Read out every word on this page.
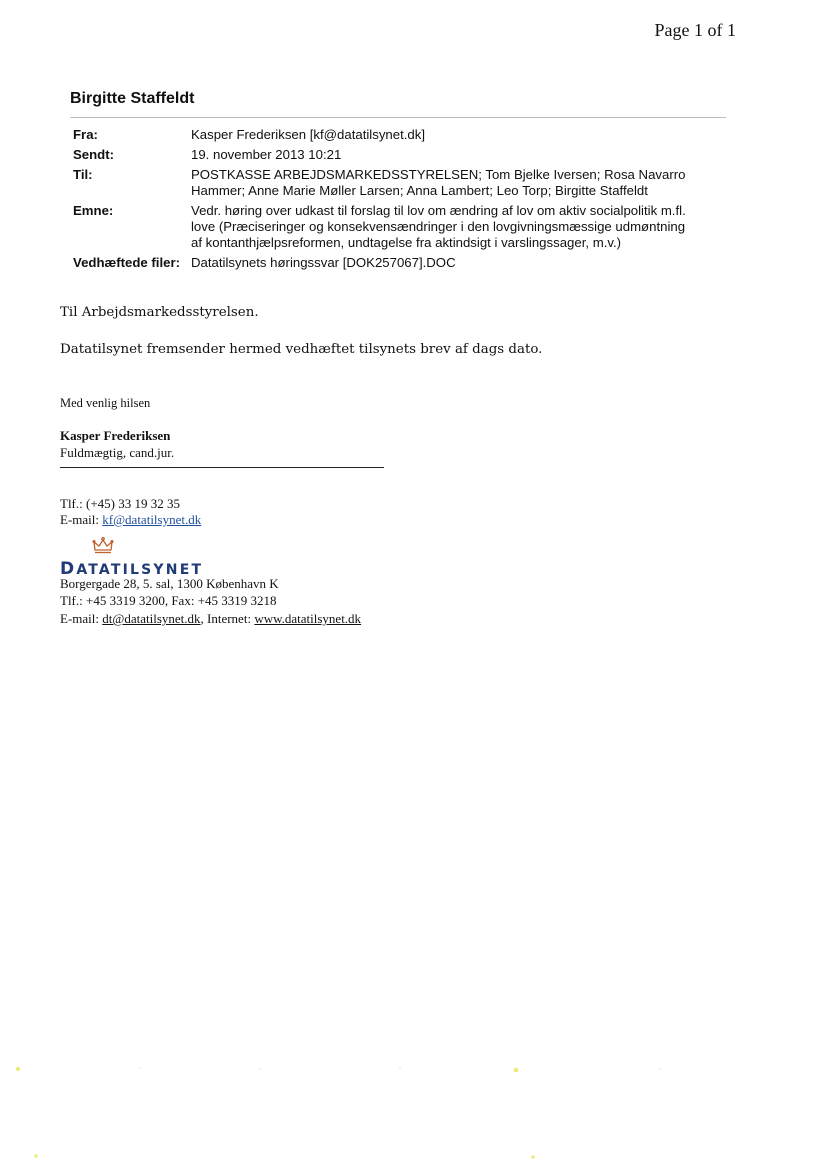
Page 1 of 1
Birgitte Staffeldt
Fra:	Kasper Frederiksen [kf@datatilsynet.dk]
Sendt:	19. november 2013 10:21
Til:	POSTKASSE ARBEJDSMARKEDSSTYRELSEN; Tom Bjelke Iversen; Rosa Navarro
Hammer; Anne Marie Møller Larsen; Anna Lambert; Leo Torp; Birgitte Staffeldt

Emne:	Vedr. høring over udkast til forslag til lov om ændring af lov om aktiv socialpolitik m.fl.
love (Præciseringer og konsekvensændringer i den lovgivningsmæssige udmøntning
af kontanthjælpsreformen, undtagelse fra aktindsigt i varslingssager, m.v.)

Vedhæftede filer:	Datatilsynets høringssvar [DOK257067].DOC
Til Arbejdsmarkedsstyrelsen.
Datatilsynet fremsender hermed vedhæftet tilsynets brev af dags dato.
Med venlig hilsen
Kasper Frederiksen
Fuldmægtig, cand.jur.
Tlf.: (+45) 33 19 32 35
E-mail: kf@datatilsynet.dk
DATATILSYNET
Borgergade 28, 5. sal, 1300 København K
Tlf.: +45 3319 3200, Fax: +45 3319 3218
E-mail: dt@datatilsynet.dk, Internet: www.datatilsynet.dk
